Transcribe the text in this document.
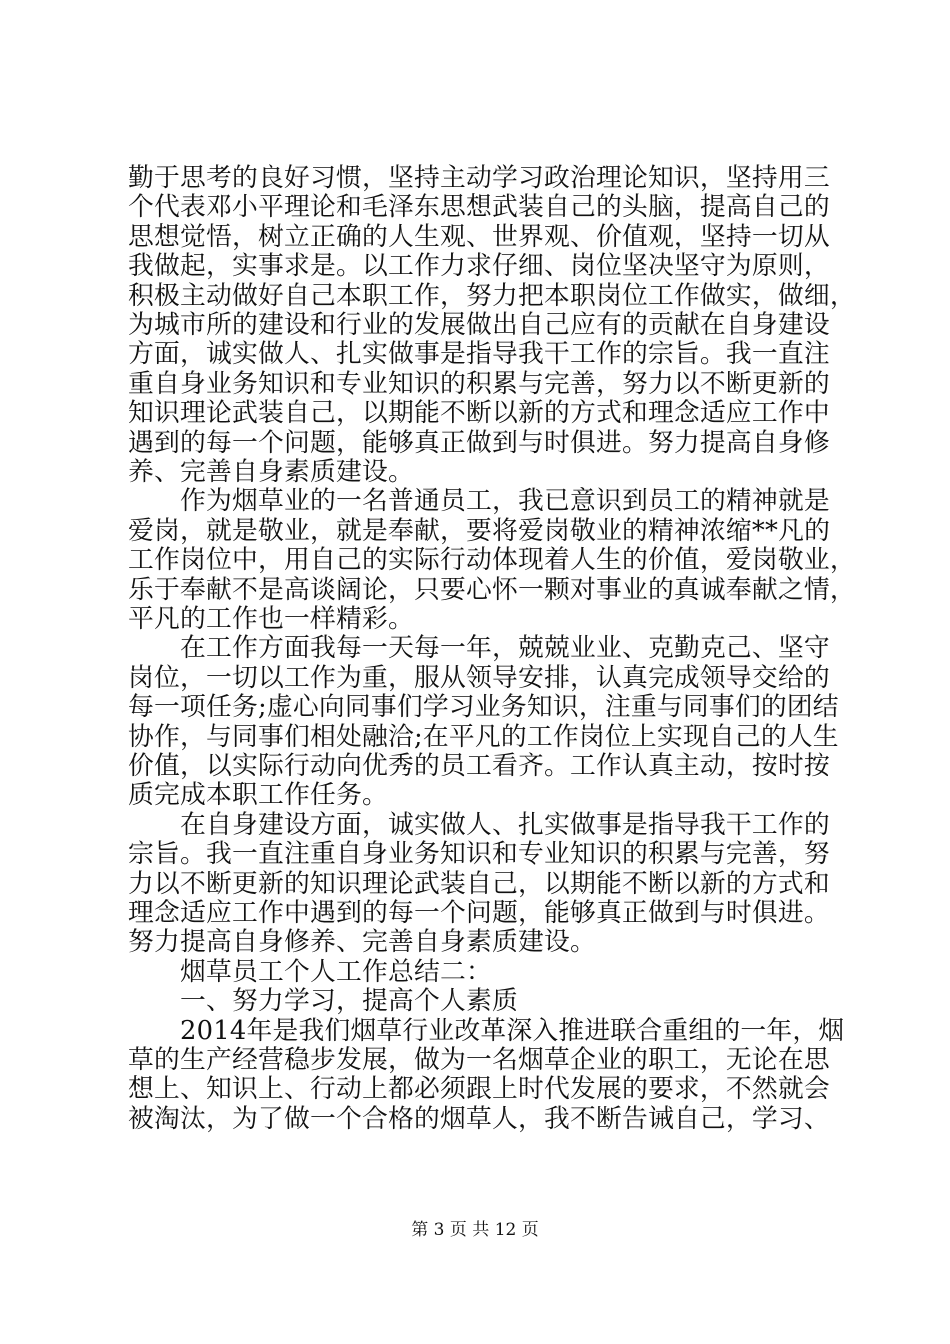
勤于思考的良好习惯，坚持主动学习政治理论知识，坚持用三
个代表邓小平理论和毛泽东思想武装自己的头脑，提高自己的
思想觉悟，树立正确的人生观、世界观、价值观，坚持一切从
我做起，实事求是。以工作力求仔细、岗位坚决坚守为原则，
积极主动做好自己本职工作，努力把本职岗位工作做实，做细，
为城市所的建设和行业的发展做出自己应有的贡献在自身建设
方面，诚实做人、扎实做事是指导我干工作的宗旨。我一直注
重自身业务知识和专业知识的积累与完善，努力以不断更新的
知识理论武装自己，以期能不断以新的方式和理念适应工作中
遇到的每一个问题，能够真正做到与时俱进。努力提高自身修
养、完善自身素质建设。
作为烟草业的一名普通员工，我已意识到员工的精神就是
爱岗，就是敬业，就是奉献，要将爱岗敬业的精神浓缩**凡的
工作岗位中，用自己的实际行动体现着人生的价值，爱岗敬业，
乐于奉献不是高谈阔论，只要心怀一颗对事业的真诚奉献之情，
平凡的工作也一样精彩。
在工作方面我每一天每一年，兢兢业业、克勤克己、坚守
岗位，一切以工作为重，服从领导安排，认真完成领导交给的
每一项任务;虚心向同事们学习业务知识，注重与同事们的团结
协作，与同事们相处融洽;在平凡的工作岗位上实现自己的人生
价值，以实际行动向优秀的员工看齐。工作认真主动，按时按
质完成本职工作任务。
在自身建设方面，诚实做人、扎实做事是指导我干工作的
宗旨。我一直注重自身业务知识和专业知识的积累与完善，努
力以不断更新的知识理论武装自己，以期能不断以新的方式和
理念适应工作中遇到的每一个问题，能够真正做到与时俱进。
努力提高自身修养、完善自身素质建设。
烟草员工个人工作总结二：
一、努力学习，提高个人素质
2014年是我们烟草行业改革深入推进联合重组的一年，烟
草的生产经营稳步发展，做为一名烟草企业的职工，无论在思
想上、知识上、行动上都必须跟上时代发展的要求，不然就会
被淘汰，为了做一个合格的烟草人，我不断告诫自己，学习、
第 3 页 共 12 页
